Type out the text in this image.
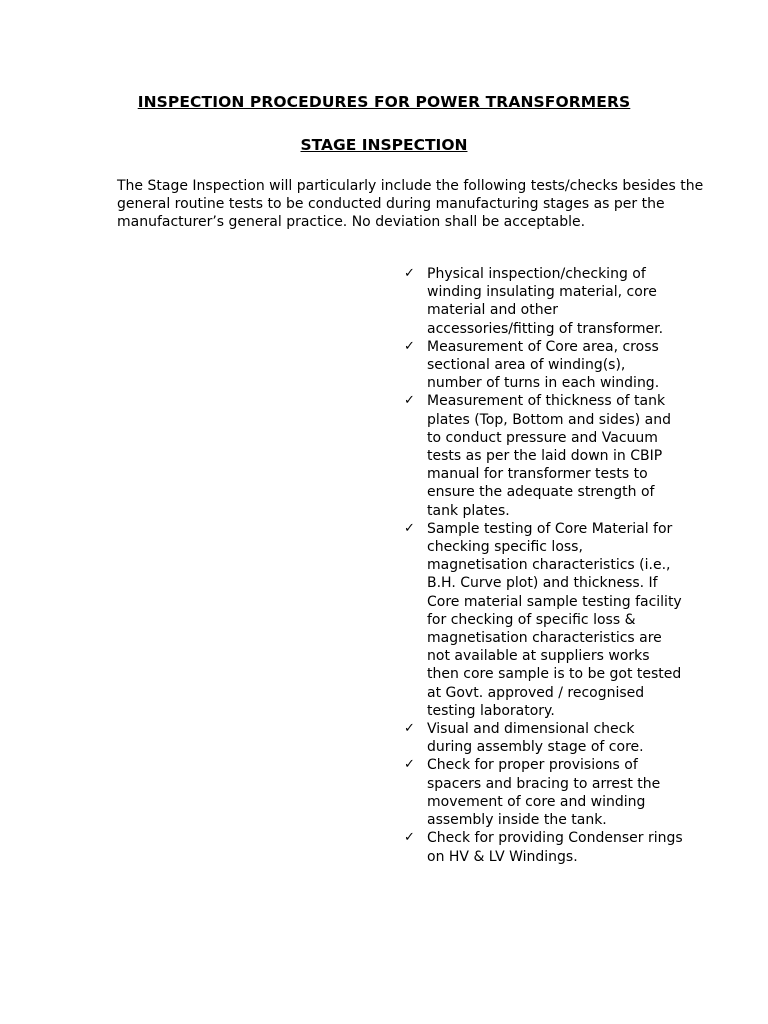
INSPECTION PROCEDURES FOR POWER TRANSFORMERS
STAGE INSPECTION

The Stage Inspection will particularly include the following tests/checks besides the general routine tests to be conducted during manufacturing stages as per the manufacturer’s general practice. No deviation shall be acceptable.

✓ Physical inspection/checking of winding insulating material, core material and other accessories/fitting of transformer.
✓ Measurement of Core area, cross sectional area of winding(s), number of turns in each winding.
✓ Measurement of thickness of tank plates (Top, Bottom and sides) and to conduct pressure and Vacuum tests as per the laid down in CBIP manual for transformer tests to ensure the adequate strength of tank plates.
✓ Sample testing of Core Material for checking specific loss, magnetisation characteristics (i.e., B.H. Curve plot) and thickness. If Core material sample testing facility for checking of specific loss & magnetisation characteristics are not available at suppliers works then core sample is to be got tested at Govt. approved / recognised testing laboratory.
✓ Visual and dimensional check during assembly stage of core.
✓ Check for proper provisions of spacers and bracing to arrest the movement of core and winding assembly inside the tank.
✓ Check for providing Condenser rings on HV & LV Windings.
